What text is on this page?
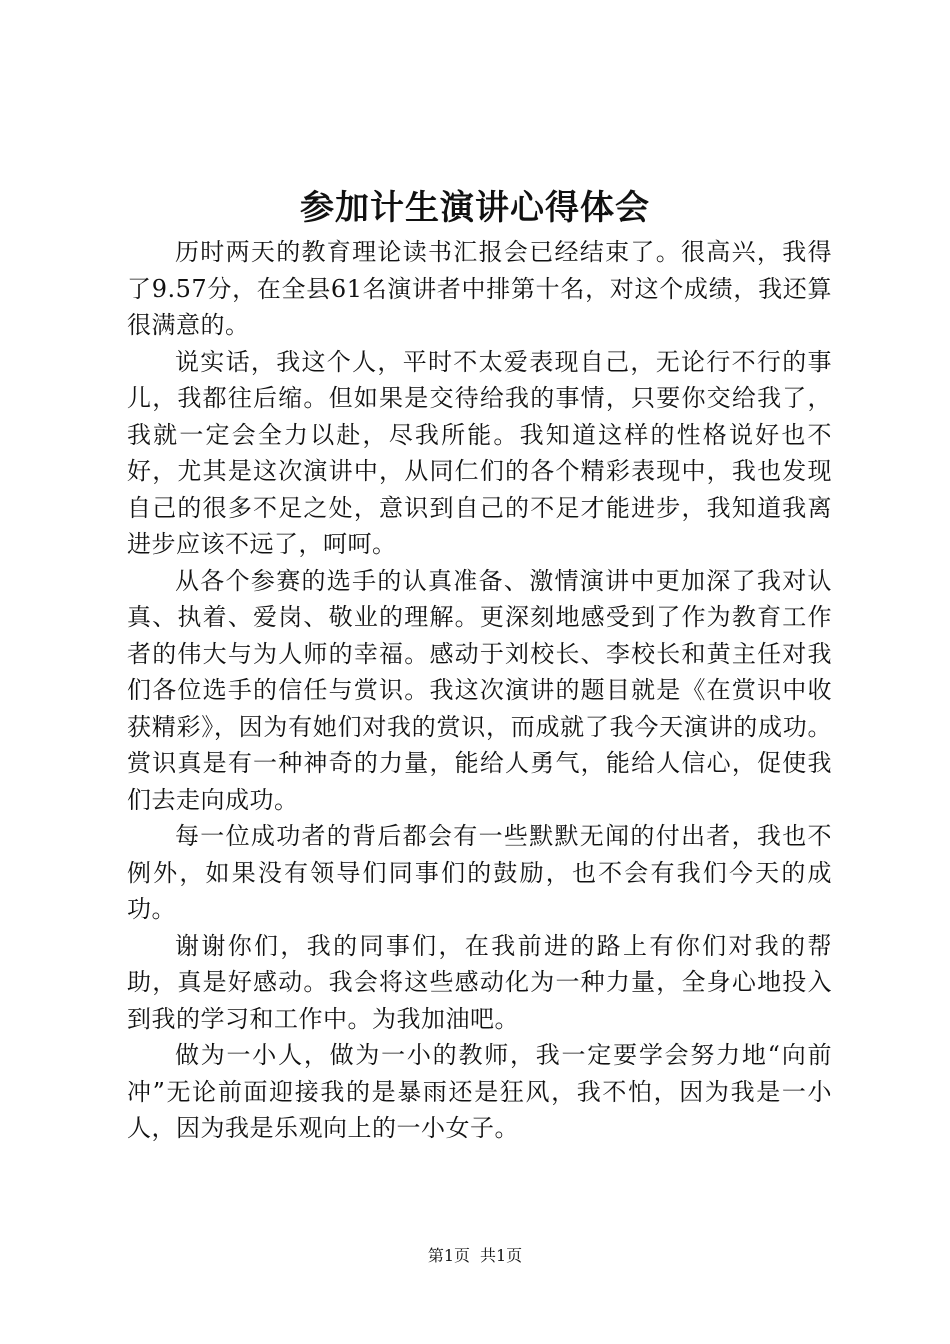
参加计生演讲心得体会

历时两天的教育理论读书汇报会已经结束了。很高兴，我得了9.57分，在全县61名演讲者中排第十名，对这个成绩，我还算很满意的。

说实话，我这个人，平时不太爱表现自己，无论行不行的事儿，我都往后缩。但如果是交待给我的事情，只要你交给我了，我就一定会全力以赴，尽我所能。我知道这样的性格说好也不好，尤其是这次演讲中，从同仁们的各个精彩表现中，我也发现自己的很多不足之处，意识到自己的不足才能进步，我知道我离进步应该不远了，呵呵。

从各个参赛的选手的认真准备、激情演讲中更加深了我对认真、执着、爱岗、敬业的理解。更深刻地感受到了作为教育工作者的伟大与为人师的幸福。感动于刘校长、李校长和黄主任对我们各位选手的信任与赏识。我这次演讲的题目就是《在赏识中收获精彩》，因为有她们对我的赏识，而成就了我今天演讲的成功。赏识真是有一种神奇的力量，能给人勇气，能给人信心，促使我们去走向成功。

每一位成功者的背后都会有一些默默无闻的付出者，我也不例外，如果没有领导们同事们的鼓励，也不会有我们今天的成功。

谢谢你们，我的同事们，在我前进的路上有你们对我的帮助，真是好感动。我会将这些感动化为一种力量，全身心地投入到我的学习和工作中。为我加油吧。

做为一小人，做为一小的教师，我一定要学会努力地“向前冲”无论前面迎接我的是暴雨还是狂风，我不怕，因为我是一小人，因为我是乐观向上的一小女子。

第1页 共1页
